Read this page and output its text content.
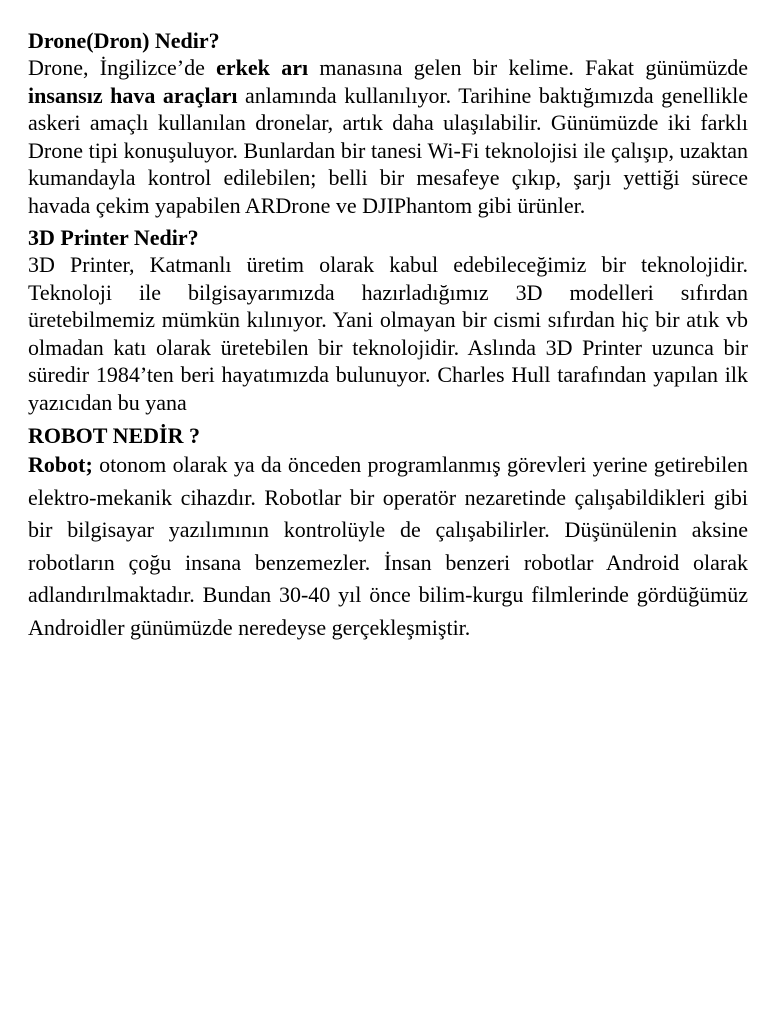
Drone(Dron) Nedir?

Drone, İngilizce’de erkek arı manasına gelen bir kelime. Fakat günümüzde insansız hava araçları anlamında kullanılıyor. Tarihine baktığımızda genellikle askeri amaçlı kullanılan dronelar, artık daha ulaşılabilir. Günümüzde iki farklı Drone tipi konuşuluyor. Bunlardan bir tanesi Wi-Fi teknolojisi ile çalışıp, uzaktan kumandayla kontrol edilebilen; belli bir mesafeye çıkıp, şarjı yettiği sürece havada çekim yapabilen ARDrone ve DJIPhantom gibi ürünler.

3D Printer Nedir?

3D Printer, Katmanlı üretim olarak kabul edebileceğimiz bir teknolojidir. Teknoloji ile bilgisayarımızda hazırladığımız 3D modelleri sıfırdan üretebilmemiz mümkün kılınıyor. Yani olmayan bir cismi sıfırdan hiç bir atık vb olmadan katı olarak üretebilen bir teknolojidir. Aslında 3D Printer uzunca bir süredir 1984’ten beri hayatımızda bulunuyor. Charles Hull tarafından yapılan ilk yazıcıdan bu yana

ROBOT NEDİR ?

Robot; otonom olarak ya da önceden programlanmış görevleri yerine getirebilen elektro-mekanik cihazdır. Robotlar bir operatör nezaretinde çalışabildikleri gibi bir bilgisayar yazılımının kontrolüyle de çalışabilirler. Düşünülenin aksine robotların çoğu insana benzemezler. İnsan benzeri robotlar Android olarak adlandırılmaktadır. Bundan 30-40 yıl önce bilim-kurgu filmlerinde gördüğümüz Androidler günümüzde neredeyse gerçekleşmiştir.
